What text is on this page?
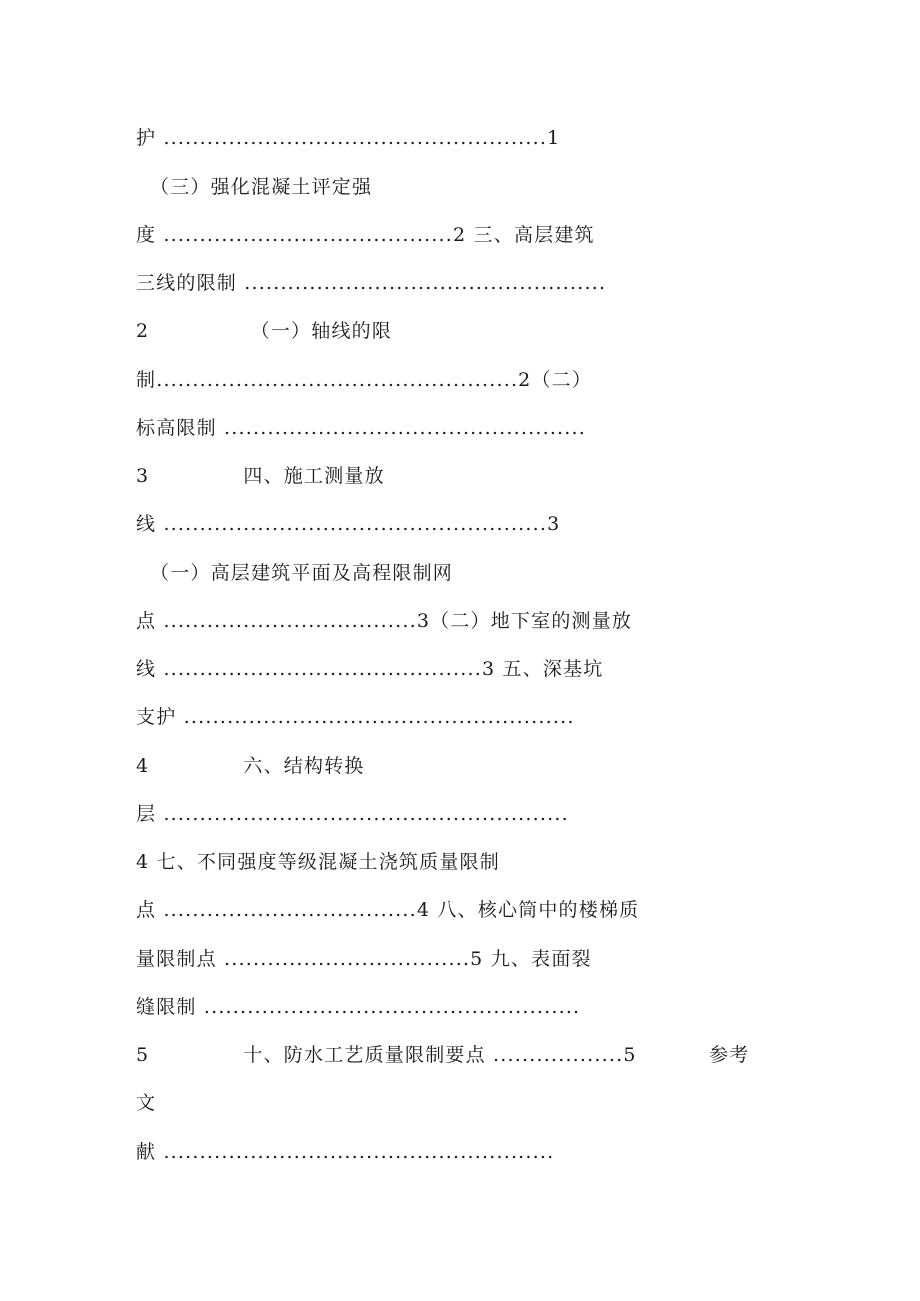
护 .....................................................1
（三）强化混凝土评定强
度 ........................................2 三、高层建筑
三线的限制 ..................................................
2              （一）轴线的限
制..................................................2（二）
标高限制 ..................................................
3             四、施工测量放
线 .....................................................3
（一）高层建筑平面及高程限制网
点 ...................................3（二）地下室的测量放
线 ............................................3 五、深基坑
支护 ......................................................
4             六、结构转换
层 ........................................................
4 七、不同强度等级混凝土浇筑质量限制
点 ...................................4 八、核心筒中的楼梯质
量限制点 ..................................5 九、表面裂
缝限制 ....................................................
5             十、防水工艺质量限制要点 ..................5          参考
文
献 ......................................................
